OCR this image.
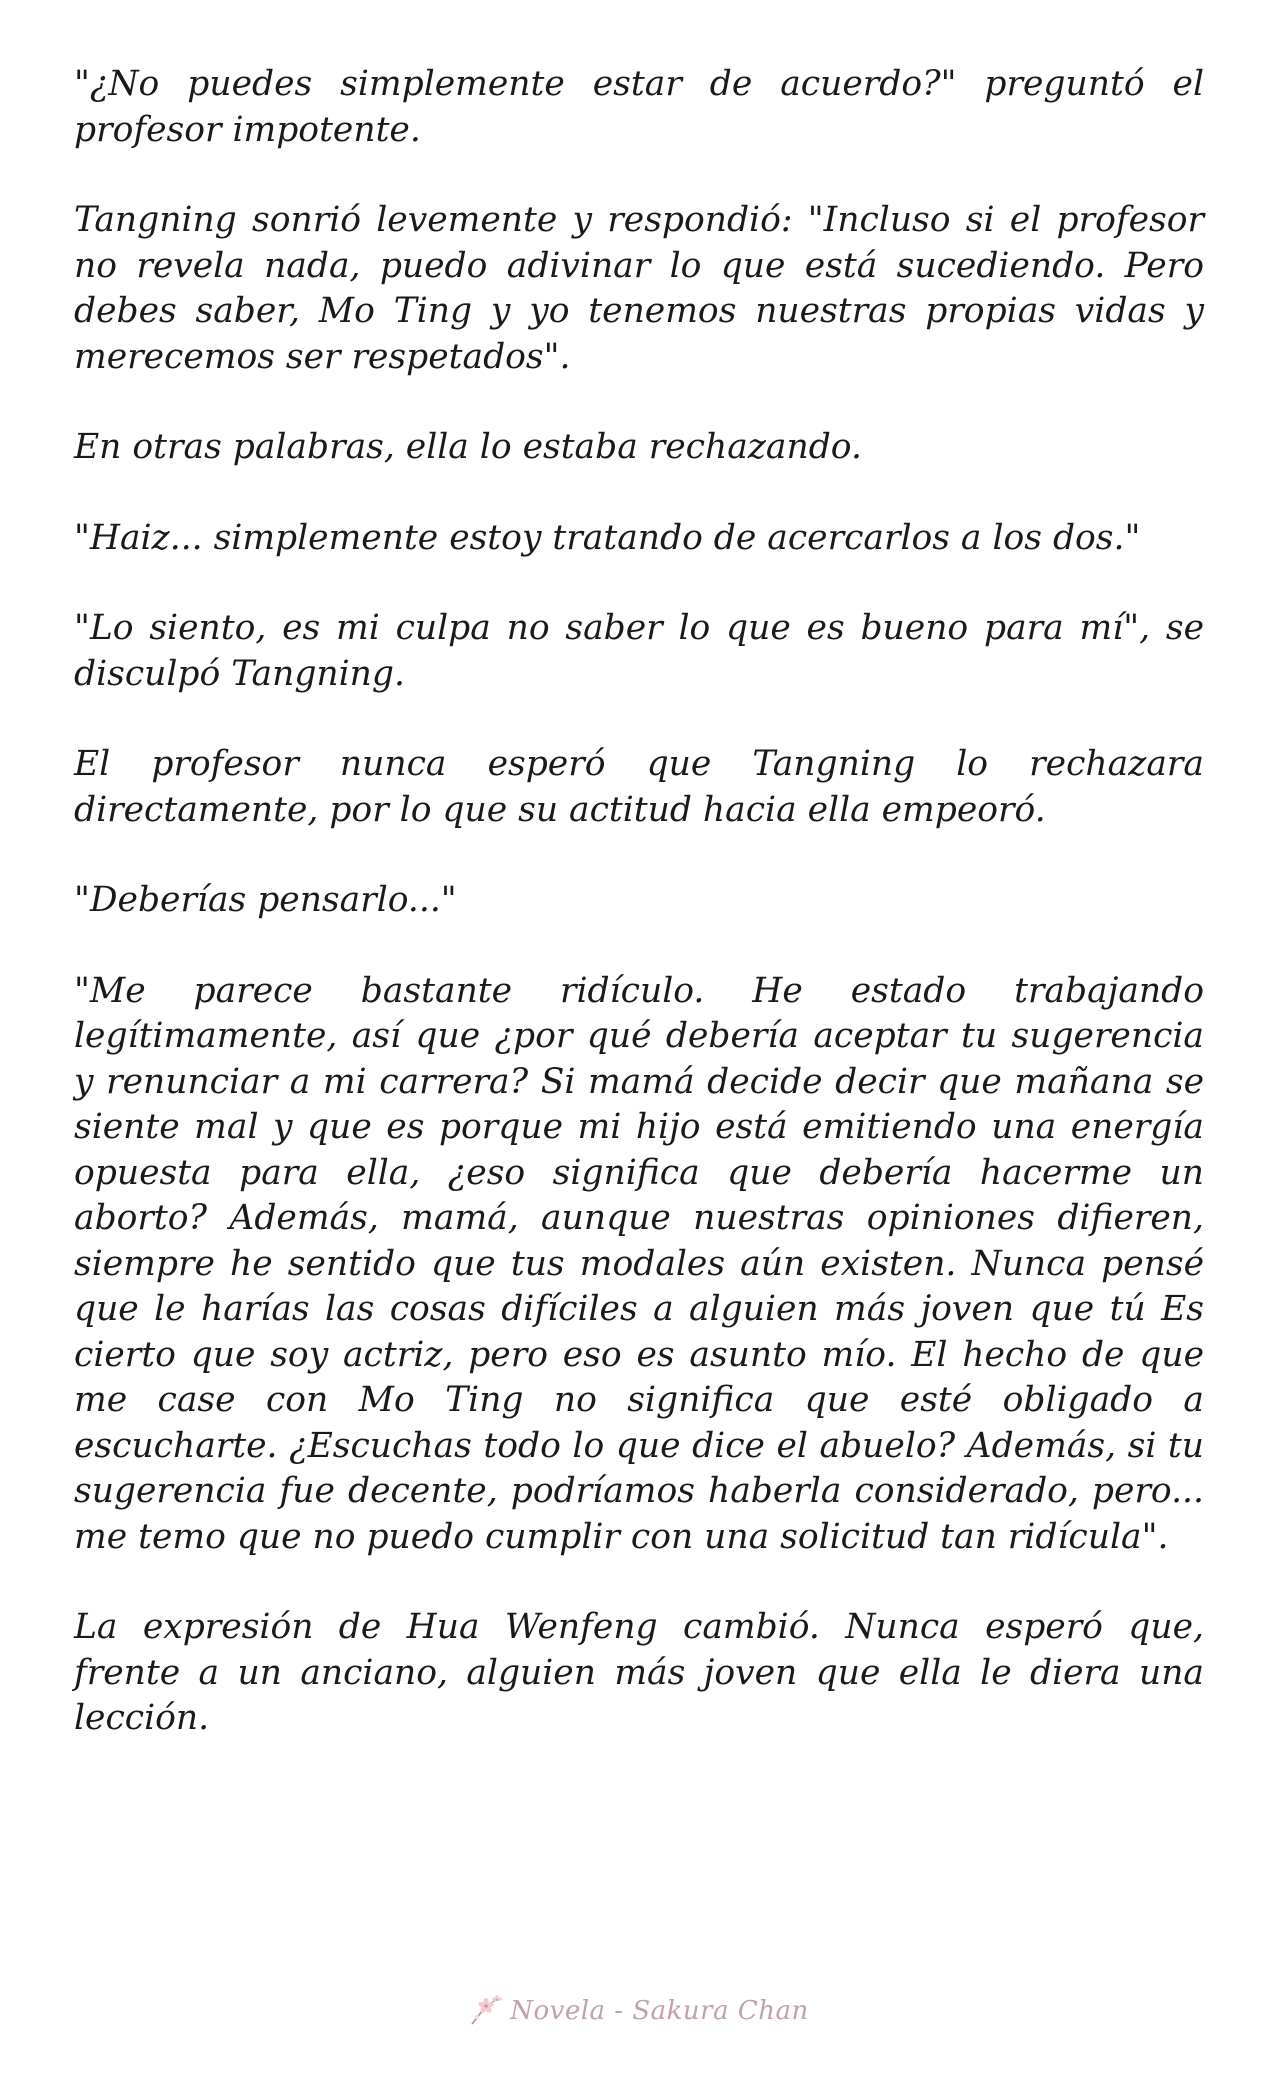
"¿No puedes simplemente estar de acuerdo?" preguntó el profesor impotente.

Tangning sonrió levemente y respondió: "Incluso si el profesor no revela nada, puedo adivinar lo que está sucediendo. Pero debes saber, Mo Ting y yo tenemos nuestras propias vidas y merecemos ser respetados".

En otras palabras, ella lo estaba rechazando.

"Haiz... simplemente estoy tratando de acercarlos a los dos."

"Lo siento, es mi culpa no saber lo que es bueno para mí", se disculpó Tangning.

El profesor nunca esperó que Tangning lo rechazara directamente, por lo que su actitud hacia ella empeoró.

"Deberías pensarlo..."

"Me parece bastante ridículo. He estado trabajando legítimamente, así que ¿por qué debería aceptar tu sugerencia y renunciar a mi carrera? Si mamá decide decir que mañana se siente mal y que es porque mi hijo está emitiendo una energía opuesta para ella, ¿eso significa que debería hacerme un aborto? Además, mamá, aunque nuestras opiniones difieren, siempre he sentido que tus modales aún existen. Nunca pensé que le harías las cosas difíciles a alguien más joven que tú Es cierto que soy actriz, pero eso es asunto mío. El hecho de que me case con Mo Ting no significa que esté obligado a escucharte. ¿Escuchas todo lo que dice el abuelo? Además, si tu sugerencia fue decente, podríamos haberla considerado, pero... me temo que no puedo cumplir con una solicitud tan ridícula".

La expresión de Hua Wenfeng cambió. Nunca esperó que, frente a un anciano, alguien más joven que ella le diera una lección.

Novela - Sakura Chan
